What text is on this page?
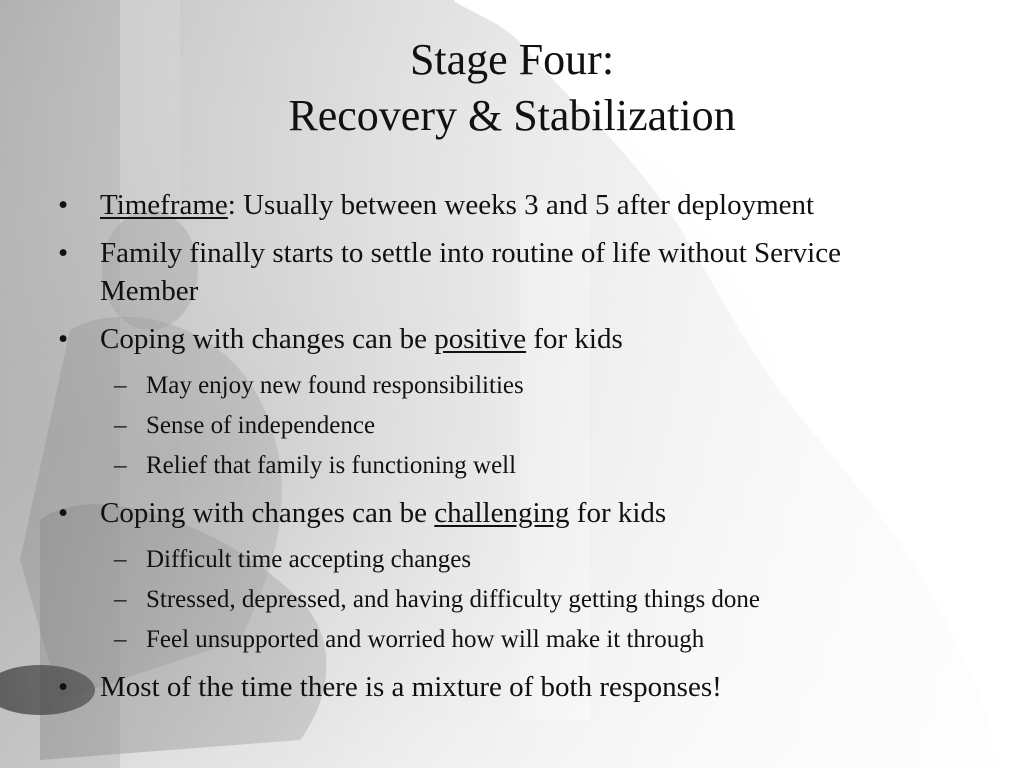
Stage Four:
Recovery & Stabilization
• Timeframe: Usually between weeks 3 and 5 after deployment
• Family finally starts to settle into routine of life without Service Member
• Coping with changes can be positive for kids
– May enjoy new found responsibilities
– Sense of independence
– Relief that family is functioning well
• Coping with changes can be challenging for kids
– Difficult time accepting changes
– Stressed, depressed, and having difficulty getting things done
– Feel unsupported and worried how will make it through
• Most of the time there is a mixture of both responses!
